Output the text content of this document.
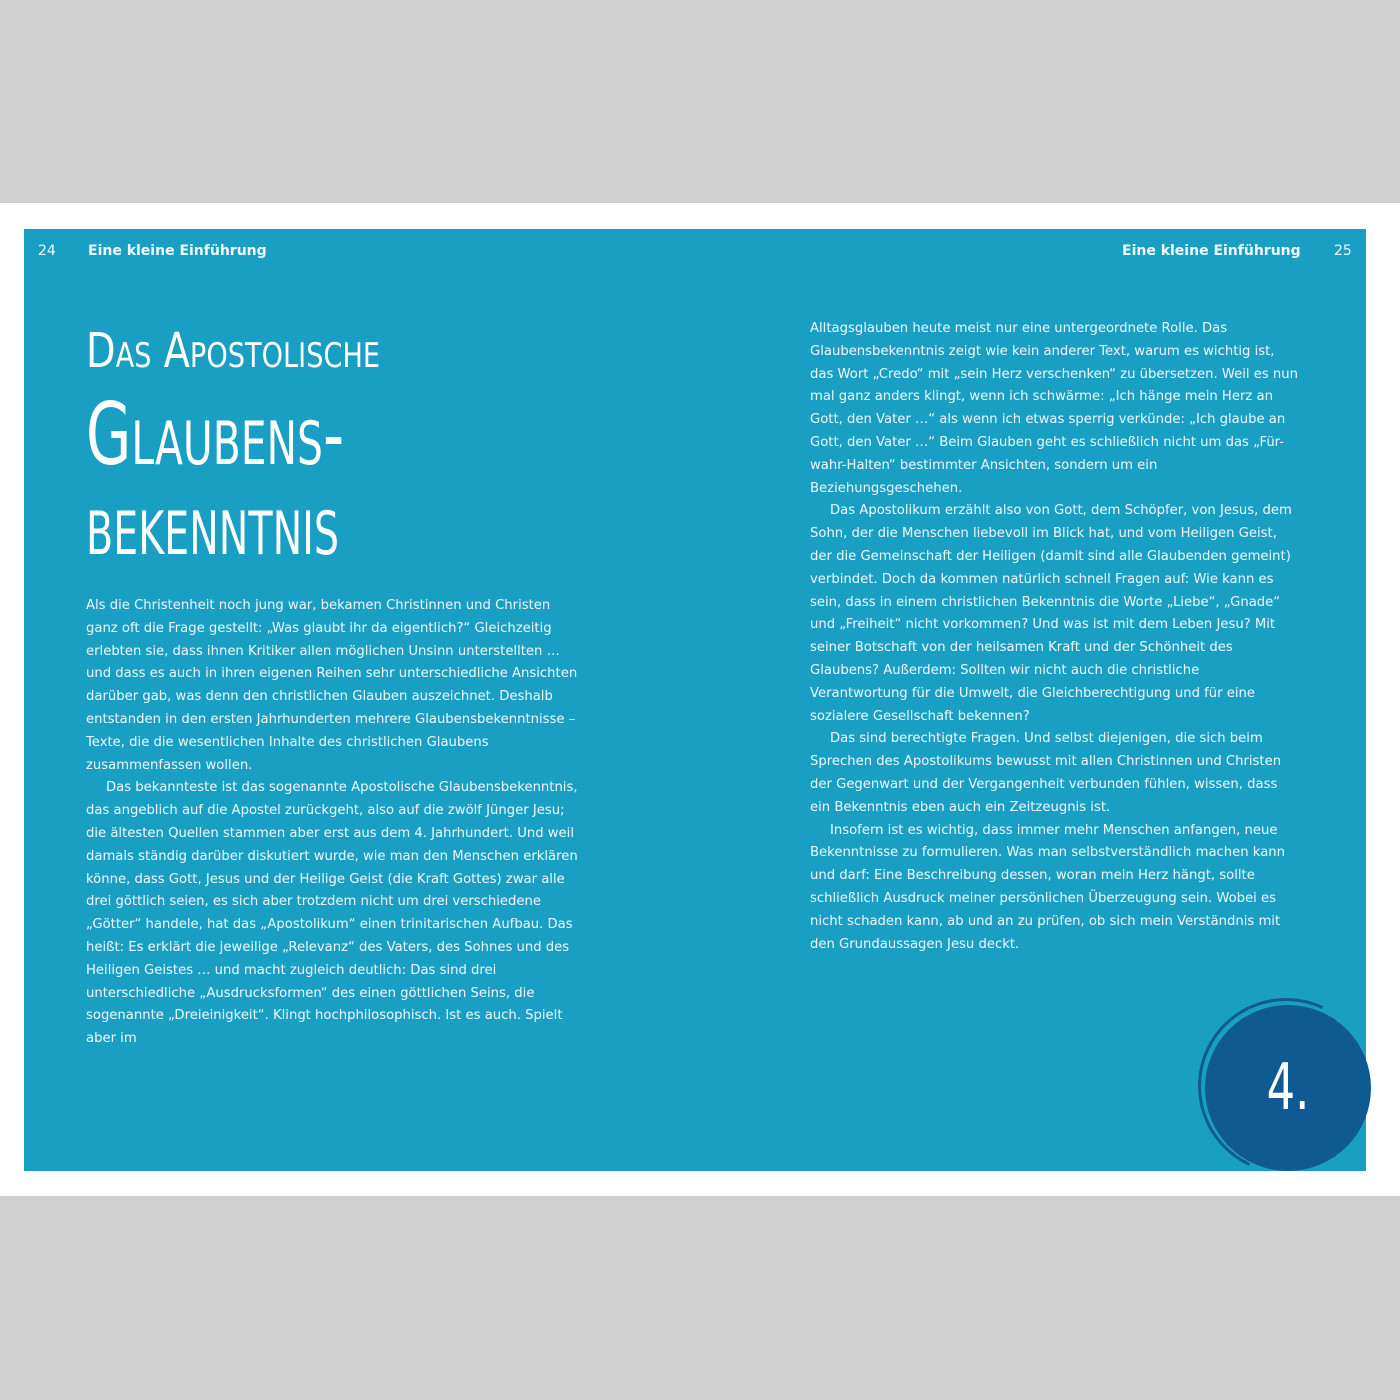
24 Eine kleine Einführung	Eine kleine Einführung 25
Das Apostolische
Glaubens-
bekenntnis

Als die Christenheit noch jung war, bekamen Christinnen und Christen ganz oft die Frage gestellt: „Was glaubt ihr da eigentlich?“ Gleichzeitig erlebten sie, dass ihnen Kritiker allen möglichen Unsinn unterstellten … und dass es auch in ihren eigenen Reihen sehr unterschiedliche Ansichten darüber gab, was denn den christlichen Glauben auszeichnet. Deshalb entstanden in den ersten Jahrhunderten mehrere Glaubensbekenntnisse – Texte, die die wesentlichen Inhalte des christlichen Glaubens zusammenfassen wollen.

Das bekannteste ist das sogenannte Apostolische Glaubensbekenntnis, das angeblich auf die Apostel zurückgeht, also auf die zwölf Jünger Jesu; die ältesten Quellen stammen aber erst aus dem 4. Jahrhundert. Und weil damals ständig darüber diskutiert wurde, wie man den Menschen erklären könne, dass Gott, Jesus und der Heilige Geist (die Kraft Gottes) zwar alle drei göttlich seien, es sich aber trotzdem nicht um drei verschiedene „Götter“ handele, hat das „Apostolikum“ einen trinitarischen Aufbau. Das heißt: Es erklärt die jeweilige „Relevanz“ des Vaters, des Sohnes und des Heiligen Geistes … und macht zugleich deutlich: Das sind drei unterschiedliche „Ausdrucksformen“ des einen göttlichen Seins, die sogenannte „Dreieinigkeit“. Klingt hochphilosophisch. Ist es auch. Spielt aber im

Alltagsglauben heute meist nur eine untergeordnete Rolle. Das Glaubensbekenntnis zeigt wie kein anderer Text, warum es wichtig ist, das Wort „Credo“ mit „sein Herz verschenken“ zu übersetzen. Weil es nun mal ganz anders klingt, wenn ich schwärme: „Ich hänge mein Herz an Gott, den Vater …“ als wenn ich etwas sperrig verkünde: „Ich glaube an Gott, den Vater …“ Beim Glauben geht es schließlich nicht um das „Für-wahr-Halten“ bestimmter Ansichten, sondern um ein Beziehungsgeschehen.

Das Apostolikum erzählt also von Gott, dem Schöpfer, von Jesus, dem Sohn, der die Menschen liebevoll im Blick hat, und vom Heiligen Geist, der die Gemeinschaft der Heiligen (damit sind alle Glaubenden gemeint) verbindet. Doch da kommen natürlich schnell Fragen auf: Wie kann es sein, dass in einem christlichen Bekenntnis die Worte „Liebe“, „Gnade“ und „Freiheit“ nicht vorkommen? Und was ist mit dem Leben Jesu? Mit seiner Botschaft von der heilsamen Kraft und der Schönheit des Glaubens? Außerdem: Sollten wir nicht auch die christliche Verantwortung für die Umwelt, die Gleichberechtigung und für eine sozialere Gesellschaft bekennen?

Das sind berechtigte Fragen. Und selbst diejenigen, die sich beim Sprechen des Apostolikums bewusst mit allen Christinnen und Christen der Gegenwart und der Vergangenheit verbunden fühlen, wissen, dass ein Bekenntnis eben auch ein Zeitzeugnis ist.

Insofern ist es wichtig, dass immer mehr Menschen anfangen, neue Bekenntnisse zu formulieren. Was man selbstverständlich machen kann und darf: Eine Beschreibung dessen, woran mein Herz hängt, sollte schließlich Ausdruck meiner persönlichen Überzeugung sein. Wobei es nicht schaden kann, ab und an zu prüfen, ob sich mein Verständnis mit den Grundaussagen Jesu deckt.

4.
